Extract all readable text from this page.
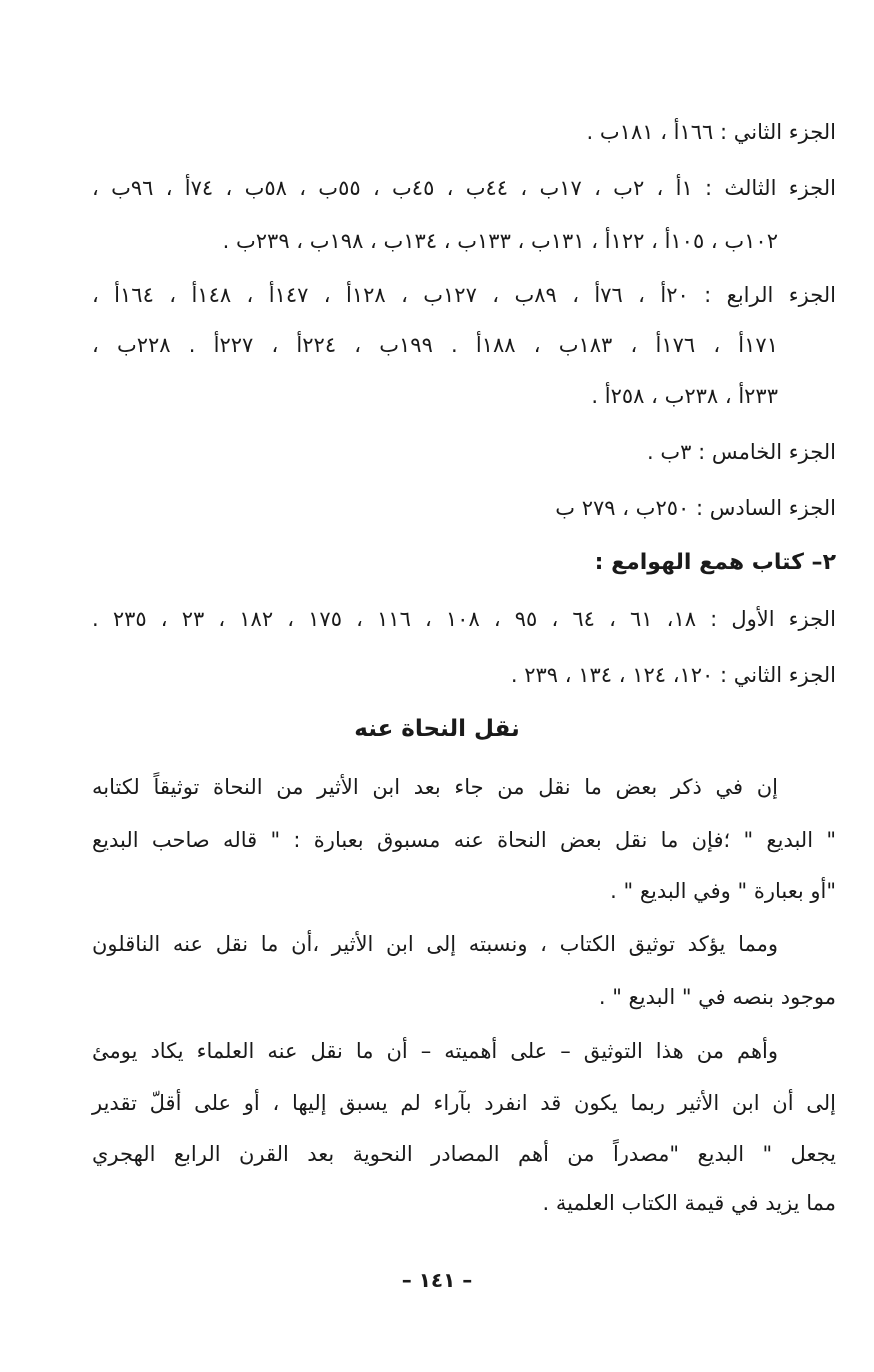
الجزء الثاني : ١٦٦أ ، ١٨١ب .
الجزء الثالث : ١أ ، ٢ب ، ١٧ب ، ٤٤ب ، ٤٥ب ، ٥٥ب ، ٥٨ب ، ٧٤أ ، ٩٦ب ،
١٠٢ب ، ١٠٥أ ، ١٢٢أ ، ١٣١ب ، ١٣٣ب ، ١٣٤ب ، ١٩٨ب ، ٢٣٩ب .
الجزء الرابع : ٢٠أ ، ٧٦أ ، ٨٩ب ، ١٢٧ب ، ١٢٨أ ، ١٤٧أ ، ١٤٨أ ، ١٦٤أ ،
١٧١أ ، ١٧٦أ ، ١٨٣ب ، ١٨٨أ . ١٩٩ب ، ٢٢٤أ ، ٢٢٧أ . ٢٢٨ب ،
٢٣٣أ ، ٢٣٨ب ، ٢٥٨أ .
الجزء الخامس : ٣ب .
الجزء السادس : ٢٥٠ب ، ٢٧٩ ب
٢– كتاب همع الهوامع :
الجزء الأول : ١٨، ٦١ ، ٦٤ ، ٩٥ ، ١٠٨ ، ١١٦ ، ١٧٥ ، ١٨٢ ، ٢٣ ، ٢٣٥ .
الجزء الثاني : ١٢٠، ١٢٤ ، ١٣٤ ، ٢٣٩ .
نقل النحاة عنه
إن في ذكر بعض ما نقل من جاء بعد ابن الأثير من النحاة توثيقاً لكتابه
" البديع " ؛فإن ما نقل بعض النحاة عنه مسبوق بعبارة : " قاله صاحب البديع
"أو بعبارة " وفي البديع " .
ومما يؤكد توثيق الكتاب ، ونسبته إلى ابن الأثير ،أن ما نقل عنه الناقلون
موجود بنصه في " البديع " .
وأهم من هذا التوثيق – على أهميته – أن ما نقل عنه العلماء يكاد يومئ
إلى أن ابن الأثير ربما يكون قد انفرد بآراء لم يسبق إليها ، أو على أقلّ تقدير
يجعل " البديع "مصدراً من أهم المصادر النحوية بعد القرن الرابع الهجري
مما يزيد في قيمة الكتاب العلمية .
– ١٤١ –
